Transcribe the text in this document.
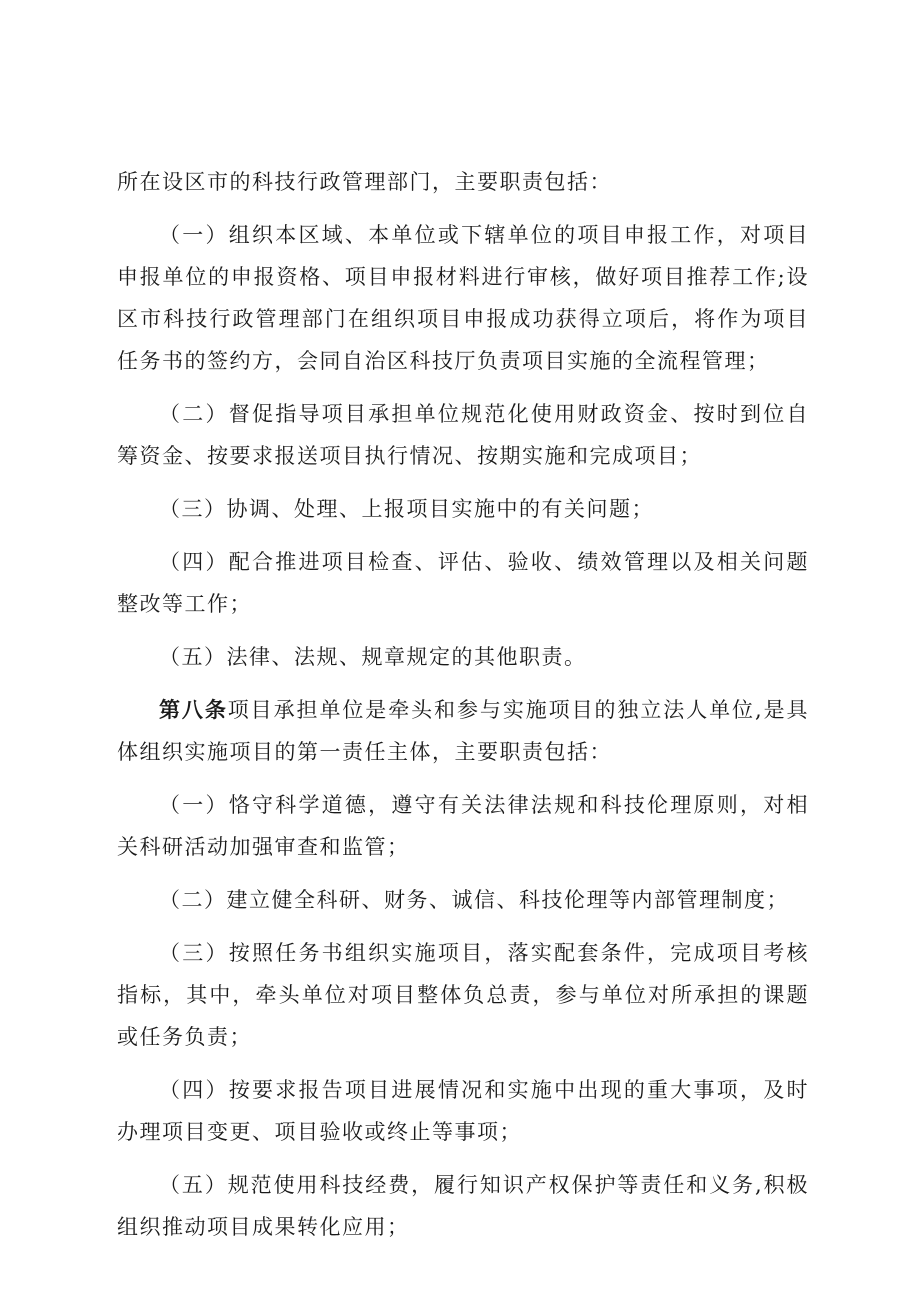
所在设区市的科技行政管理部门，主要职责包括：

（一）组织本区域、本单位或下辖单位的项目申报工作，对项目申报单位的申报资格、项目申报材料进行审核，做好项目推荐工作;设区市科技行政管理部门在组织项目申报成功获得立项后，将作为项目任务书的签约方，会同自治区科技厅负责项目实施的全流程管理；

（二）督促指导项目承担单位规范化使用财政资金、按时到位自筹资金、按要求报送项目执行情况、按期实施和完成项目；

（三）协调、处理、上报项目实施中的有关问题；

（四）配合推进项目检查、评估、验收、绩效管理以及相关问题整改等工作；

（五）法律、法规、规章规定的其他职责。

第八条项目承担单位是牵头和参与实施项目的独立法人单位,是具体组织实施项目的第一责任主体，主要职责包括：

（一）恪守科学道德，遵守有关法律法规和科技伦理原则，对相关科研活动加强审查和监管；

（二）建立健全科研、财务、诚信、科技伦理等内部管理制度；

（三）按照任务书组织实施项目，落实配套条件，完成项目考核指标，其中，牵头单位对项目整体负总责，参与单位对所承担的课题或任务负责；

（四）按要求报告项目进展情况和实施中出现的重大事项，及时办理项目变更、项目验收或终止等事项；

（五）规范使用科技经费，履行知识产权保护等责任和义务,积极组织推动项目成果转化应用；
